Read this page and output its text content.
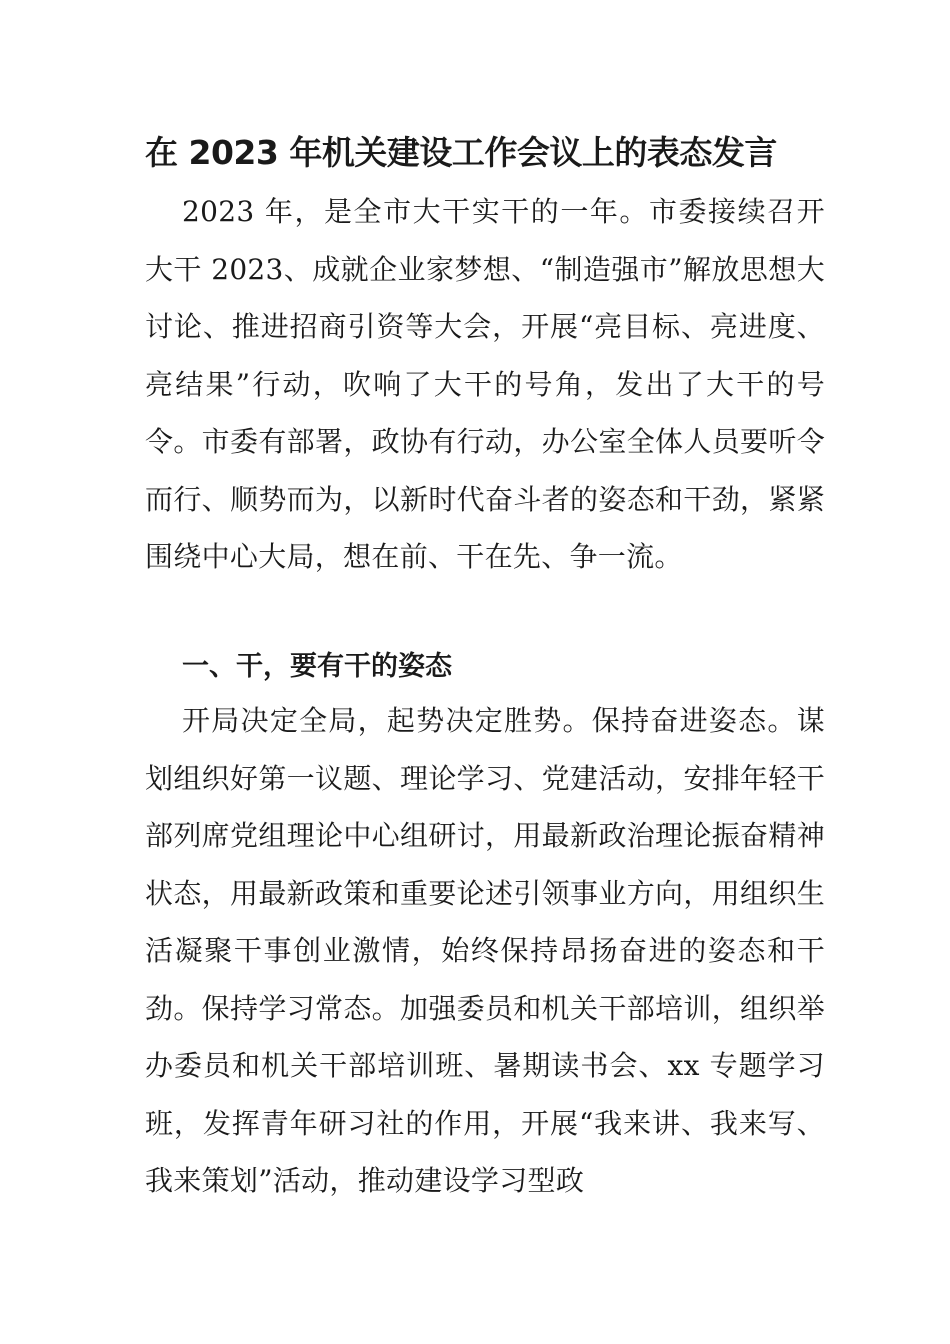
在 2023 年机关建设工作会议上的表态发言

2023 年，是全市大干实干的一年。市委接续召开大干 2023、成就企业家梦想、“制造强市”解放思想大讨论、推进招商引资等大会，开展“亮目标、亮进度、亮结果”行动，吹响了大干的号角，发出了大干的号令。市委有部署，政协有行动，办公室全体人员要听令而行、顺势而为，以新时代奋斗者的姿态和干劲，紧紧围绕中心大局，想在前、干在先、争一流。

一、干，要有干的姿态

开局决定全局，起势决定胜势。保持奋进姿态。谋划组织好第一议题、理论学习、党建活动，安排年轻干部列席党组理论中心组研讨，用最新政治理论振奋精神状态，用最新政策和重要论述引领事业方向，用组织生活凝聚干事创业激情，始终保持昂扬奋进的姿态和干劲。保持学习常态。加强委员和机关干部培训，组织举办委员和机关干部培训班、暑期读书会、xx 专题学习班，发挥青年研习社的作用，开展“我来讲、我来写、我来策划”活动，推动建设学习型政
